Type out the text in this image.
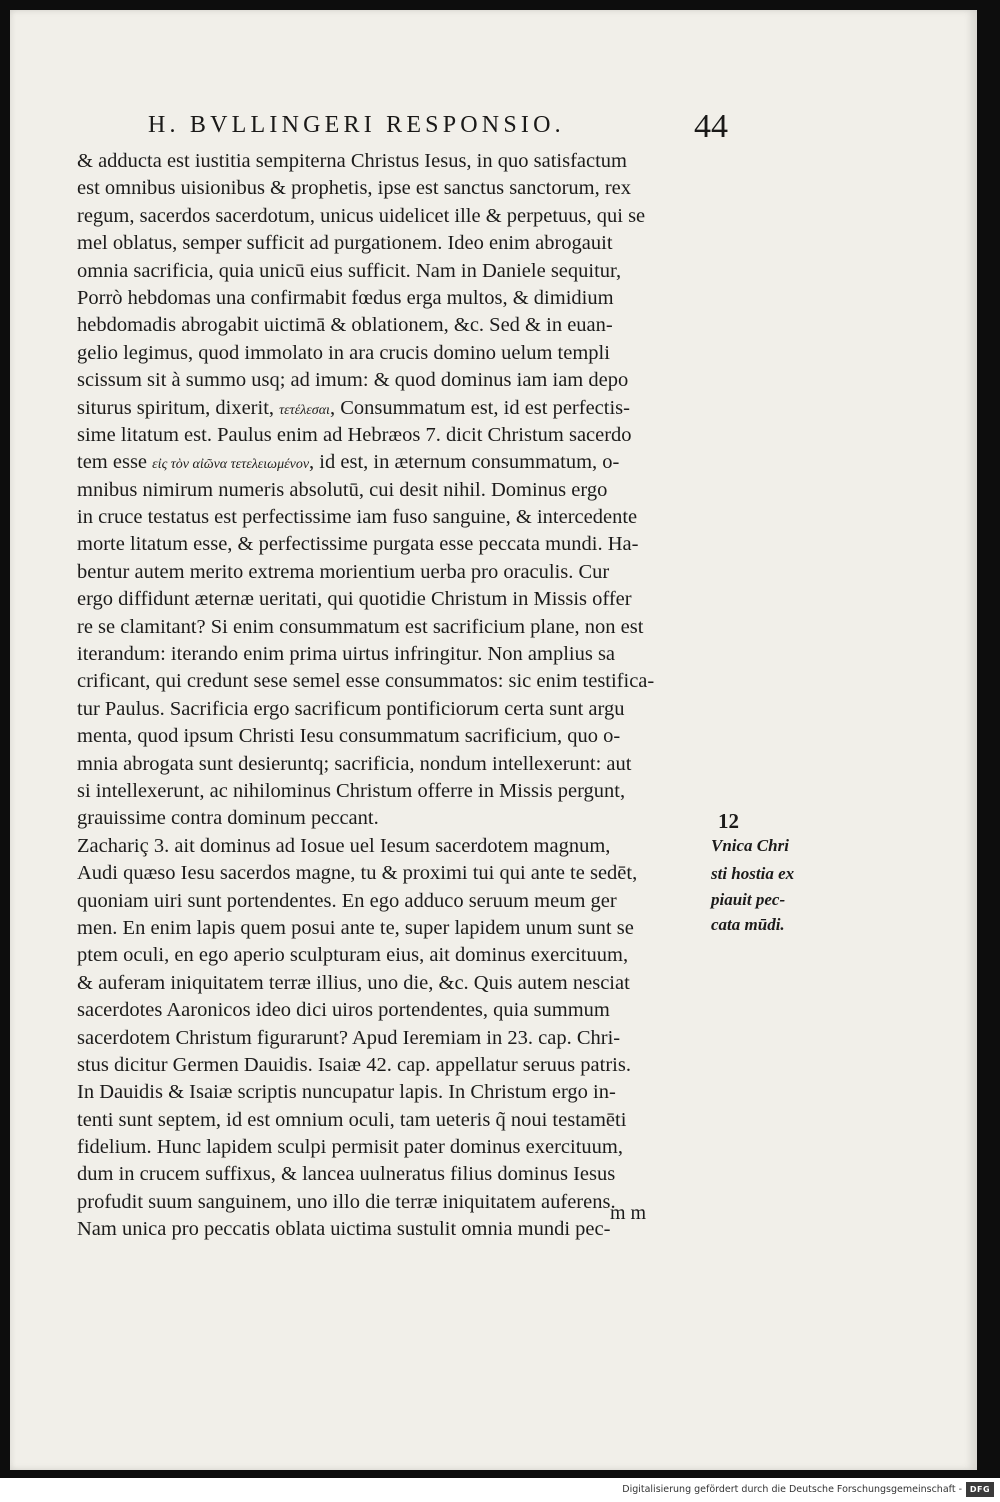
H. BVLLINGERI RESPONSIO.	44
& adducta est iustitia sempiterna Christus Iesus, in quo satisfactum
est omnibus uisionibus & prophetis, ipse est sanctus sanctorum, rex
regum, sacerdos sacerdotum, unicus uidelicet ille & perpetuus, qui se
mel oblatus, semper sufficit ad purgationem. Ideo enim abrogauit
omnia sacrificia, quia unicū eius sufficit. Nam in Daniele sequitur,
Porrò hebdomas una confirmabit fœdus erga multos, & dimidium
hebdomadis abrogabit uictimā & oblationem, &c. Sed & in euan-
gelio legimus, quod immolato in ara crucis domino uelum templi
scissum sit à summo usq; ad imum: & quod dominus iam iam depo
siturus spiritum, dixerit, τετέλεσαι, Consummatum est, id est perfectis-
sime litatum est. Paulus enim ad Hebræos 7. dicit Christum sacerdo
tem esse εἰς τὸν αἰῶνα τετελειωμένον, id est, in æternum consummatum, o-
mnibus nimirum numeris absolutū, cui desit nihil. Dominus ergo
in cruce testatus est perfectissime iam fuso sanguine, & intercedente
morte litatum esse, & perfectissime purgata esse peccata mundi. Ha-
bentur autem merito extrema morientium uerba pro oraculis. Cur
ergo diffidunt æternæ ueritati, qui quotidie Christum in Missis offer
re se clamitant? Si enim consummatum est sacrificium plane, non est
iterandum: iterando enim prima uirtus infringitur. Non amplius sa
crificant, qui credunt sese semel esse consummatos: sic enim testifica-
tur Paulus. Sacrificia ergo sacrificum pontificiorum certa sunt argu
menta, quod ipsum Christi Iesu consummatum sacrificium, quo o-
mnia abrogata sunt desieruntq; sacrificia, nondum intellexerunt: aut
si intellexerunt, ac nihilominus Christum offerre in Missis pergunt,
grauissime contra dominum peccant.
Zachariç 3. ait dominus ad Iosue uel Iesum sacerdotem magnum,
Audi quæso Iesu sacerdos magne, tu & proximi tui qui ante te sedēt,
quoniam uiri sunt portendentes. En ego adduco seruum meum ger
men. En enim lapis quem posui ante te, super lapidem unum sunt se
ptem oculi, en ego aperio sculpturam eius, ait dominus exercituum,
& auferam iniquitatem terræ illius, uno die, &c. Quis autem nesciat
sacerdotes Aaronicos ideo dici uiros portendentes, quia summum
sacerdotem Christum figurarunt? Apud Ieremiam in 23. cap. Chri-
stus dicitur Germen Dauidis. Isaiæ 42. cap. appellatur seruus patris.
In Dauidis & Isaiæ scriptis nuncupatur lapis. In Christum ergo in-
tenti sunt septem, id est omnium oculi, tam ueteris q̃ noui testamēti
fidelium. Hunc lapidem sculpi permisit pater dominus exercituum,
dum in crucem suffixus, & lancea uulneratus filius dominus Iesus
profudit suum sanguinem, uno illo die terræ iniquitatem auferens.
Nam unica pro peccatis oblata uictima sustulit omnia mundi pec-
12
Vnica Chri
sti hostia ex
piauit pec-
cata mūdi.
m m
Digitalisierung gefördert durch die Deutsche Forschungsgemeinschaft - DFG
